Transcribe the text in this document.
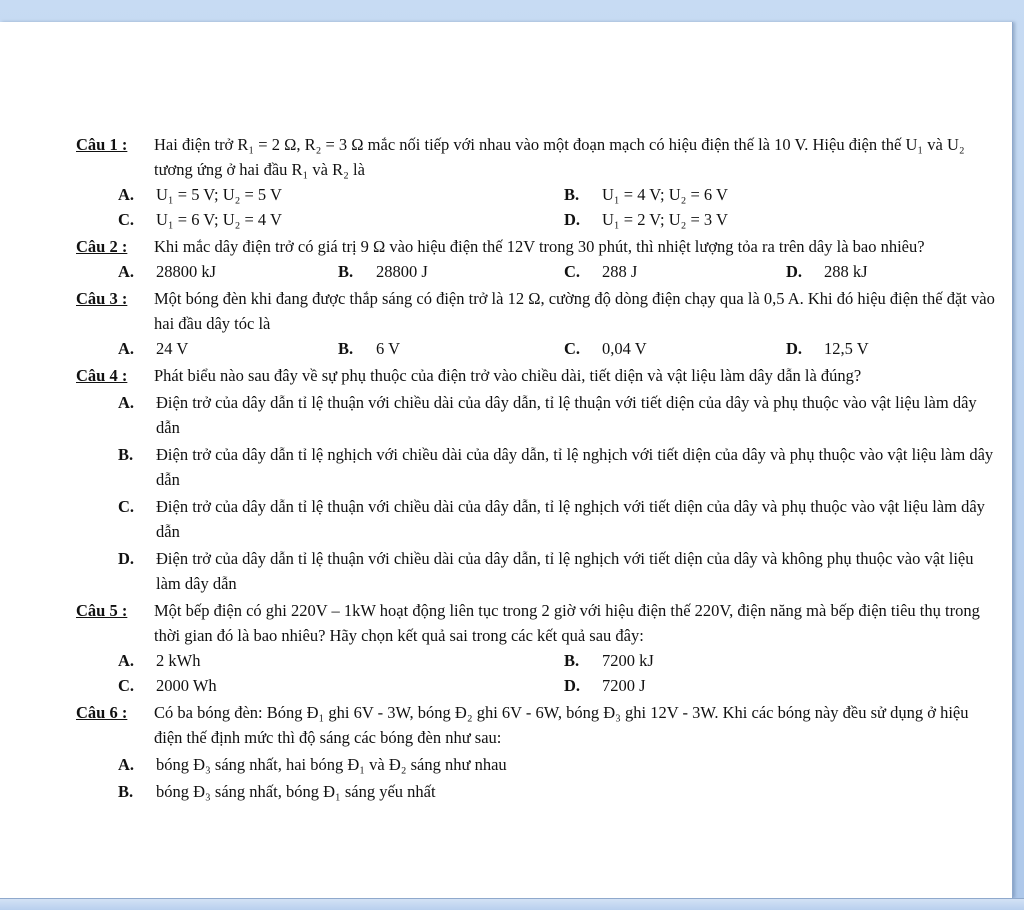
Câu 1 : Hai điện trở R₁ = 2 Ω, R₂ = 3 Ω mắc nối tiếp với nhau vào một đoạn mạch có hiệu điện thế là 10 V. Hiệu điện thế U₁ và U₂ tương ứng ở hai đầu R₁ và R₂ là
A. U₁ = 5 V; U₂ = 5 V	B. U₁ = 4 V; U₂ = 6 V
C. U₁ = 6 V; U₂ = 4 V	D. U₁ = 2 V; U₂ = 3 V
Câu 2 : Khi mắc dây điện trở có giá trị 9 Ω vào hiệu điện thế 12V trong 30 phút, thì nhiệt lượng tỏa ra trên dây là bao nhiêu?
A. 28800 kJ	B. 28800 J	C. 288 J	D. 288 kJ
Câu 3 : Một bóng đèn khi đang được thắp sáng có điện trở là 12 Ω, cường độ dòng điện chạy qua là 0,5 A. Khi đó hiệu điện thế đặt vào hai đầu dây tóc là
A. 24 V	B. 6 V	C. 0,04 V	D. 12,5 V
Câu 4 : Phát biểu nào sau đây về sự phụ thuộc của điện trở vào chiều dài, tiết diện và vật liệu làm dây dẫn là đúng?
A. Điện trở của dây dẫn tỉ lệ thuận với chiều dài của dây dẫn, tỉ lệ thuận với tiết diện của dây và phụ thuộc vào vật liệu làm dây dẫn
B. Điện trở của dây dẫn tỉ lệ nghịch với chiều dài của dây dẫn, tỉ lệ nghịch với tiết diện của dây và phụ thuộc vào vật liệu làm dây dẫn
C. Điện trở của dây dẫn tỉ lệ thuận với chiều dài của dây dẫn, tỉ lệ nghịch với tiết diện của dây và phụ thuộc vào vật liệu làm dây dẫn
D. Điện trở của dây dẫn tỉ lệ thuận với chiều dài của dây dẫn, tỉ lệ nghịch với tiết diện của dây và không phụ thuộc vào vật liệu làm dây dẫn
Câu 5 : Một bếp điện có ghi 220V – 1kW hoạt động liên tục trong 2 giờ với hiệu điện thế 220V, điện năng mà bếp điện tiêu thụ trong thời gian đó là bao nhiêu? Hãy chọn kết quả sai trong các kết quả sau đây:
A. 2 kWh	B. 7200 kJ
C. 2000 Wh	D. 7200 J
Câu 6 : Có ba bóng đèn: Bóng Đ₁ ghi 6V - 3W, bóng Đ₂ ghi 6V - 6W, bóng Đ₃ ghi 12V - 3W. Khi các bóng này đều sử dụng ở hiệu điện thế định mức thì độ sáng các bóng đèn như sau:
A. bóng Đ₃ sáng nhất, hai bóng Đ₁ và Đ₂ sáng như nhau
B. bóng Đ₃ sáng nhất, bóng Đ₁ sáng yếu nhất
